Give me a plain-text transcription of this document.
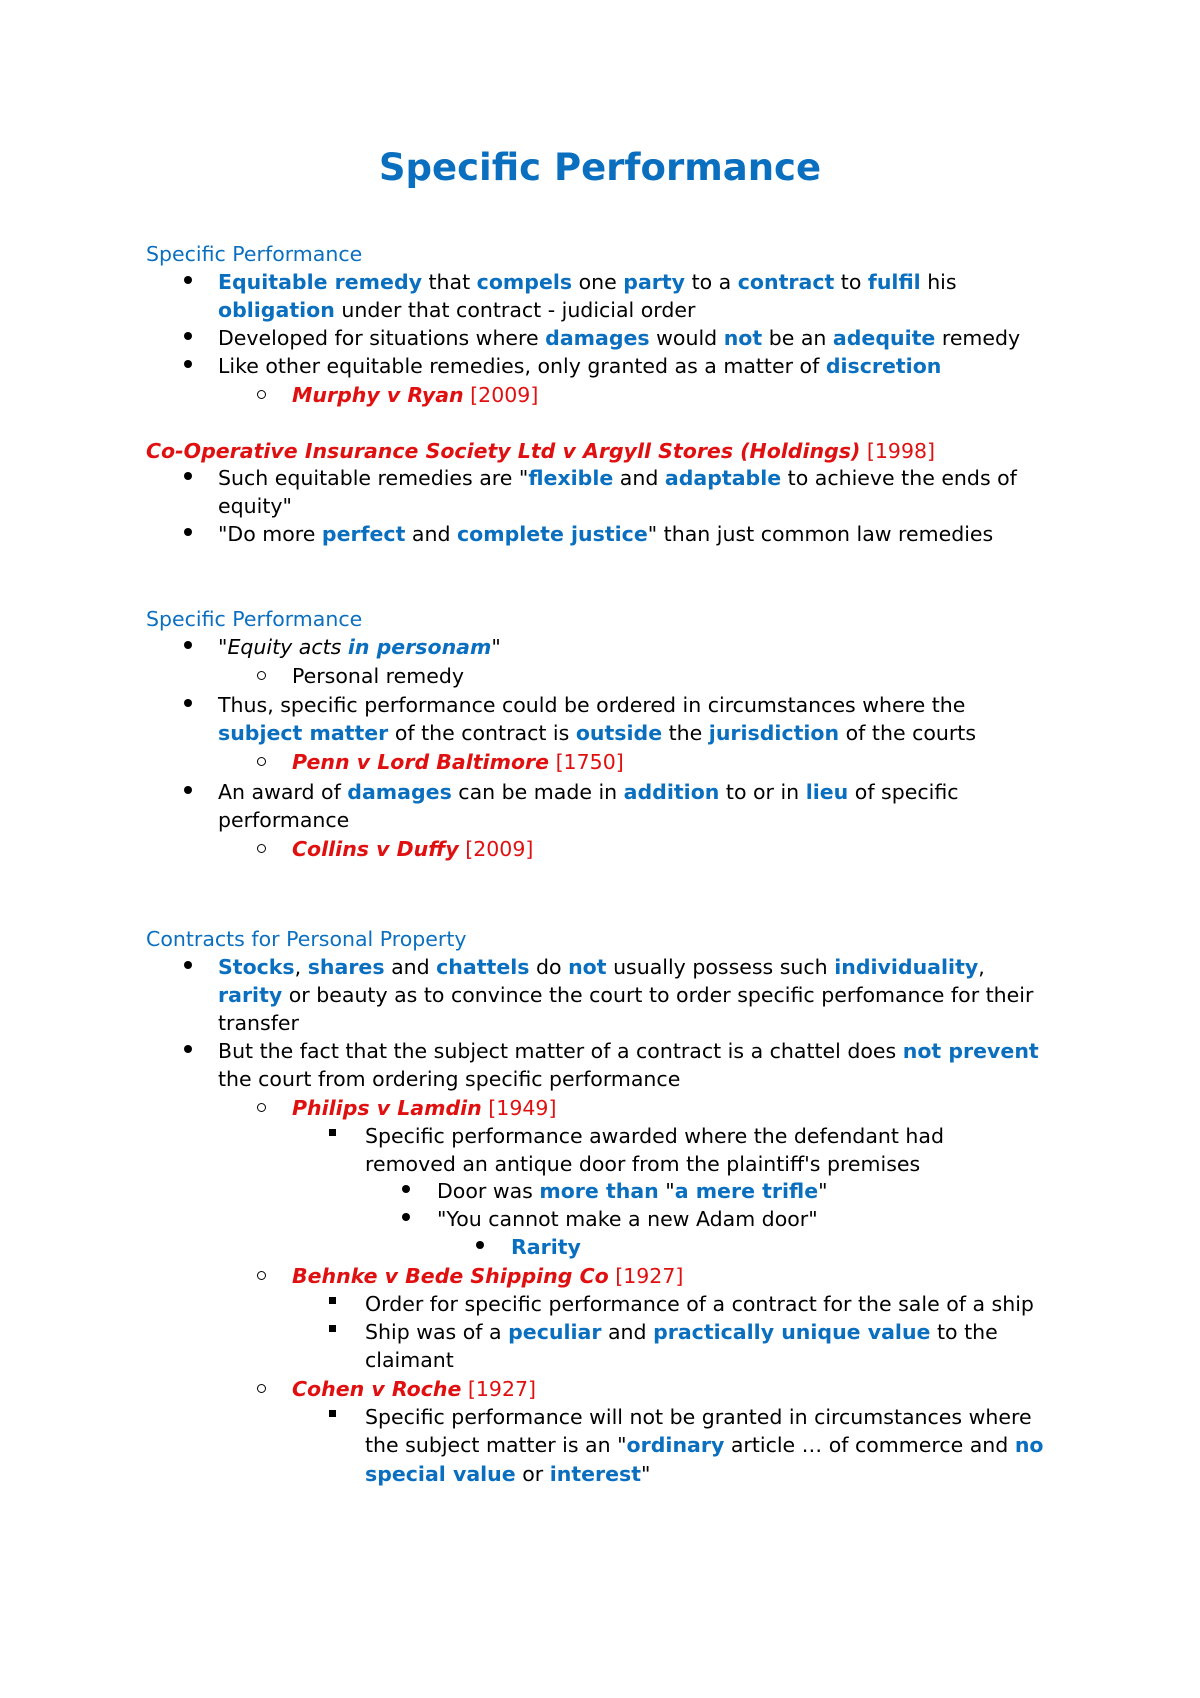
Specific Performance
Specific Performance
Equitable remedy that compels one party to a contract to fulfil his
obligation under that contract - judicial order
Developed for situations where damages would not be an adequite remedy
Like other equitable remedies, only granted as a matter of discretion
Murphy v Ryan [2009]
Co-Operative Insurance Society Ltd v Argyll Stores (Holdings) [1998]
Such equitable remedies are "flexible and adaptable to achieve the ends of
equity"
"Do more perfect and complete justice" than just common law remedies
Specific Performance
"Equity acts in personam"
Personal remedy
Thus, specific performance could be ordered in circumstances where the
subject matter of the contract is outside the jurisdiction of the courts
Penn v Lord Baltimore [1750]
An award of damages can be made in addition to or in lieu of specific
performance
Collins v Duffy [2009]
Contracts for Personal Property
Stocks, shares and chattels do not usually possess such individuality,
rarity or beauty as to convince the court to order specific perfomance for their
transfer
But the fact that the subject matter of a contract is a chattel does not prevent
the court from ordering specific performance
Philips v Lamdin [1949]
Specific performance awarded where the defendant had
removed an antique door from the plaintiff's premises
Door was more than "a mere trifle"
"You cannot make a new Adam door"
Rarity
Behnke v Bede Shipping Co [1927]
Order for specific performance of a contract for the sale of a ship
Ship was of a peculiar and practically unique value to the
claimant
Cohen v Roche [1927]
Specific performance will not be granted in circumstances where
the subject matter is an "ordinary article … of commerce and no
special value or interest"
